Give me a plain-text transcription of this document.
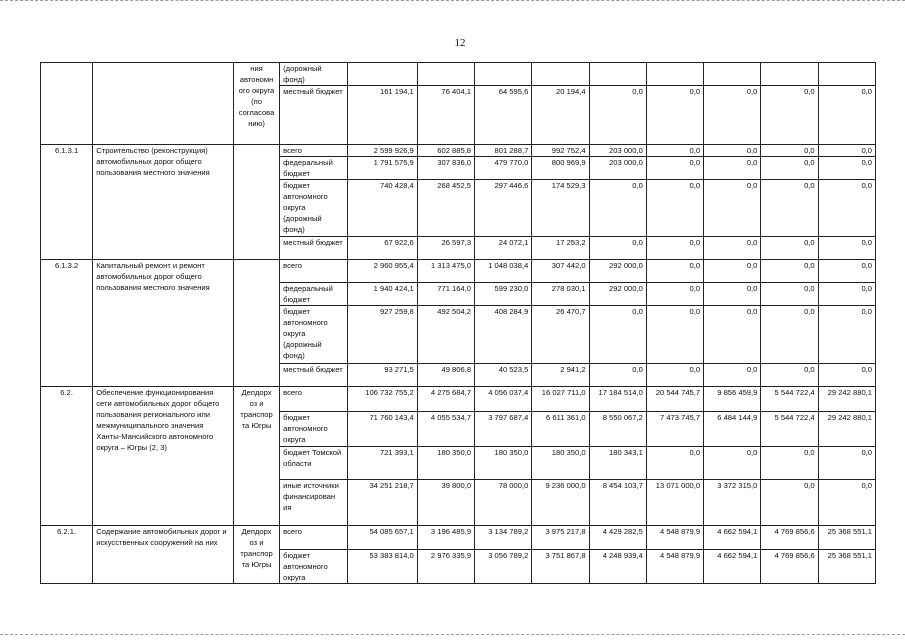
12
		ния автономн ого округа (по согласова нию)	(дорожный фонд)									
			местный бюджет	161 194,1	76 404,1	64 595,6	20 194,4	0,0	0,0	0,0	0,0	0,0
6.1.3.1	Строительство (реконструкция) автомобильных дорог общего пользования местного значения		всего	2 599 926,9	602 885,8	801 288,7	992 752,4	203 000,0	0,0	0,0	0,0	0,0
			федеральный бюджет	1 791 575,9	307 836,0	479 770,0	800 969,9	203 000,0	0,0	0,0	0,0	0,0
			бюджет автономного округа (дорожный фонд)	740 428,4	268 452,5	297 446,6	174 529,3	0,0	0,0	0,0	0,0	0,0
			местный бюджет	67 922,6	26 597,3	24 072,1	17 253,2	0,0	0,0	0,0	0,0	0,0
6.1.3.2	Капитальный ремонт и ремонт автомобильных дорог общего пользования местного значения		всего	2 960 955,4	1 313 475,0	1 048 038,4	307 442,0	292 000,0	0,0	0,0	0,0	0,0
			федеральный бюджет	1 940 424,1	771 164,0	599 230,0	278 030,1	292 000,0	0,0	0,0	0,0	0,0
			бюджет автономного округа (дорожный фонд)	927 259,8	492 504,2	408 284,9	26 470,7	0,0	0,0	0,0	0,0	0,0
			местный бюджет	93 271,5	49 806,8	40 523,5	2 941,2	0,0	0,0	0,0	0,0	0,0
6.2.	Обеспечение функционирования сети автомобильных дорог общего пользования регионального или межмуниципального значения Ханты-Мансийского автономного округа – Югры (2, 3)	Депдорх оз и транспор та Югры	всего	106 732 755,2	4 275 684,7	4 056 037,4	16 027 711,0	17 184 514,0	20 544 745,7	9 856 459,9	5 544 722,4	29 242 880,1
			бюджет автономного округа	71 760 143,4	4 055 534,7	3 797 687,4	6 611 361,0	8 550 067,2	7 473 745,7	6 484 144,9	5 544 722,4	29 242 880,1
			бюджет Томской области	721 393,1	180 350,0	180 350,0	180 350,0	180 343,1	0,0	0,0	0,0	0,0
			иные источники финансирован ия	34 251 218,7	39 800,0	78 000,0	9 236 000,0	8 454 103,7	13 071 000,0	3 372 315,0	0,0	0,0
6.2.1.	Содержание автомобильных дорог и искусственных сооружений на них	Депдорх оз и транспор та Югры	всего	54 085 657,1	3 196 485,9	3 134 789,2	3 975 217,8	4 429 282,5	4 548 879,9	4 662 594,1	4 769 856,6	25 368 551,1
			бюджет автономного округа	53 383 814,0	2 976 335,9	3 056 789,2	3 751 867,8	4 248 939,4	4 548 879,9	4 662 594,1	4 769 856,6	25 368 551,1
